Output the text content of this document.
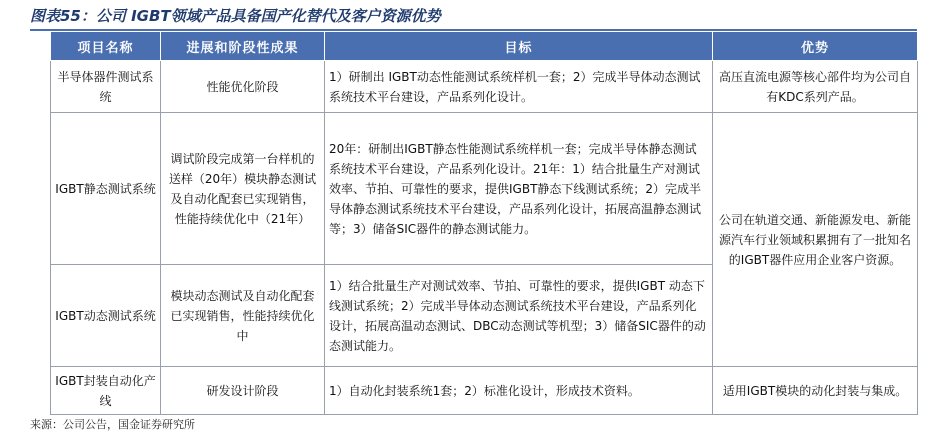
图表55：公司 IGBT领域产品具备国产化替代及客户资源优势
项目名称	进展和阶段性成果	目标	优势
半导体器件测试系统	性能优化阶段	1）研制出 IGBT动态性能测试系统样机一套；2）完成半导体动态测试系统技术平台建设，产品系列化设计。	高压直流电源等核心部件均为公司自有KDC系列产品。
IGBT静态测试系统	调试阶段完成第一台样机的送样（20年）模块静态测试及自动化配套已实现销售，性能持续优化中（21年）	20年：研制出IGBT静态性能测试系统样机一套；完成半导体静态测试系统技术平台建设，产品系列化设计。21年：1）结合批量生产对测试效率、节拍、可靠性的要求，提供IGBT静态下线测试系统；2）完成半导体静态测试系统技术平台建设，产品系列化设计，拓展高温静态测试等；3）储备SIC器件的静态测试能力。	公司在轨道交通、新能源发电、新能源汽车行业领域积累拥有了一批知名的IGBT器件应用企业客户资源。
IGBT动态测试系统	模块动态测试及自动化配套已实现销售，性能持续优化中	1）结合批量生产对测试效率、节拍、可靠性的要求，提供IGBT 动态下线测试系统；2）完成半导体动态测试系统技术平台建设，产品系列化设计，拓展高温动态测试、DBC动态测试等机型；3）储备SIC器件的动态测试能力。	
IGBT封装自动化产线	研发设计阶段	1）自动化封装系统1套；2）标准化设计，形成技术资料。	适用IGBT模块的动化封装与集成。
来源：公司公告，国金证券研究所
